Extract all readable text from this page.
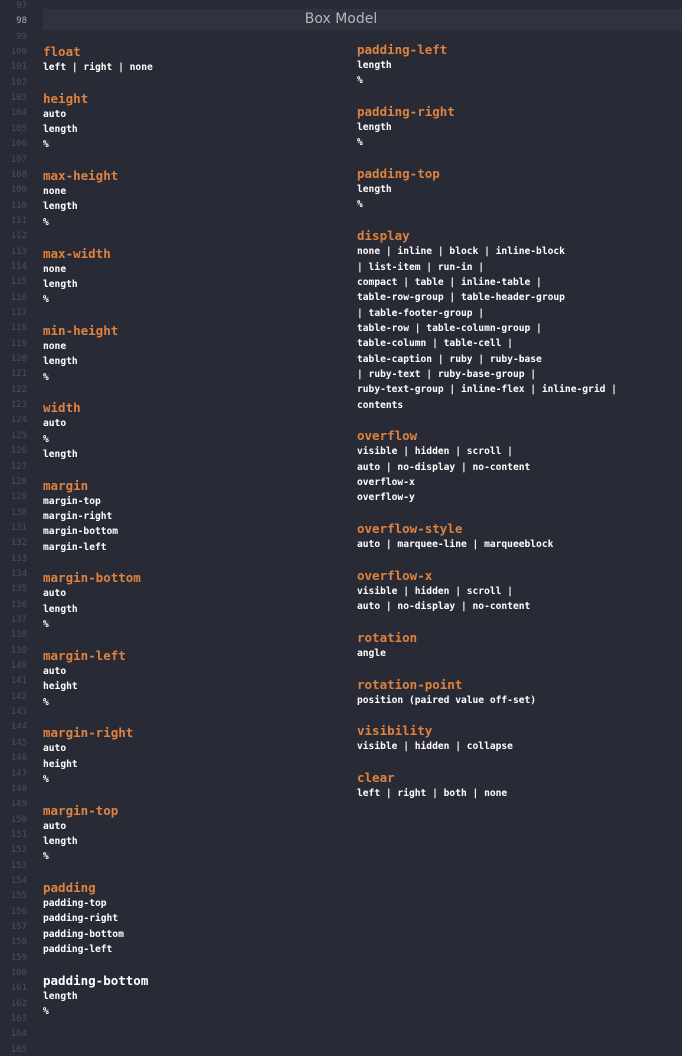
Box Model
97
98
99
100
101
102
103
104
105
106
107
108
109
110
111
112
113
114
115
116
117
118
119
120
121
122
123
124
125
126
127
128
129
130
131
132
133
134
135
136
137
138
139
140
141
142
143
144
145
146
147
148
149
150
151
152
153
154
155
156
157
158
159
160
161
162
163
164
165
float
left | right | none
height
auto
length
%
max-height
none
length
%
max-width
none
length
%
min-height
none
length
%
width
auto
%
length
margin
margin-top
margin-right
margin-bottom
margin-left
margin-bottom
auto
length
%
margin-left
auto
height
%
margin-right
auto
height
%
margin-top
auto
length
%
padding
padding-top
padding-right
padding-bottom
padding-left
padding-bottom
length
%
padding-left
length
%
padding-right
length
%
padding-top
length
%
display
none | inline | block | inline-block
| list-item | run-in |
compact | table | inline-table |
table-row-group | table-header-group
| table-footer-group |
table-row | table-column-group |
table-column | table-cell |
table-caption | ruby | ruby-base
| ruby-text | ruby-base-group |
ruby-text-group | inline-flex | inline-grid |
contents
overflow
visible | hidden | scroll |
auto | no-display | no-content
overflow-x
overflow-y
overflow-style
auto | marquee-line | marqueeblock
overflow-x
visible | hidden | scroll |
auto | no-display | no-content
rotation
angle
rotation-point
position (paired value off-set)
visibility
visible | hidden | collapse
clear
left | right | both | none
